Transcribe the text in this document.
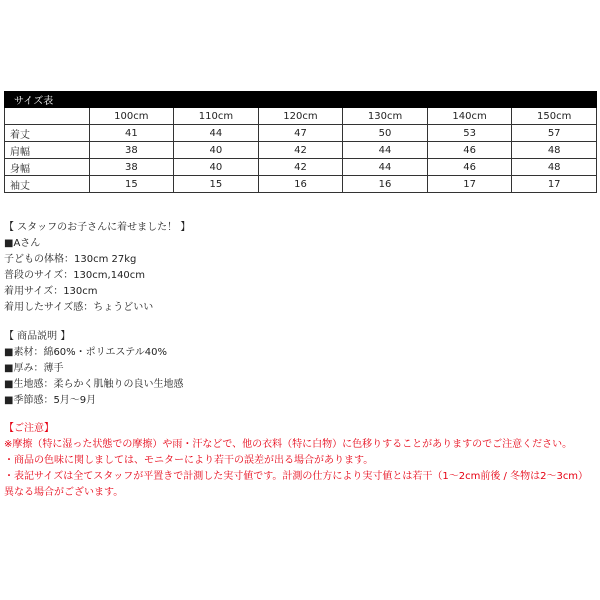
サイズ表						
	100cm	110cm	120cm	130cm	140cm	150cm
着丈	41	44	47	50	53	57
肩幅	38	40	42	44	46	48
身幅	38	40	42	44	46	48
袖丈	15	15	16	16	17	17
【 スタッフのお子さんに着せました！ 】
■Aさん
子どもの体格：130cm 27kg
普段のサイズ：130cm,140cm
着用サイズ：130cm
着用したサイズ感：ちょうどいい
【 商品説明 】
■素材：綿60%・ポリエステル40%
■厚み：薄手
■生地感：柔らかく肌触りの良い生地感
■季節感：5月～9月
【ご注意】
※摩擦（特に湿った状態での摩擦）や雨・汗などで、他の衣料（特に白物）に色移りすることがありますのでご注意ください。
・商品の色味に関しましては、モニターにより若干の誤差が出る場合があります。
・表記サイズは全てスタッフが平置きで計測した実寸値です。計測の仕方により実寸値とは若干（1～2cm前後 / 冬物は2～3cm）異なる場合がございます。
